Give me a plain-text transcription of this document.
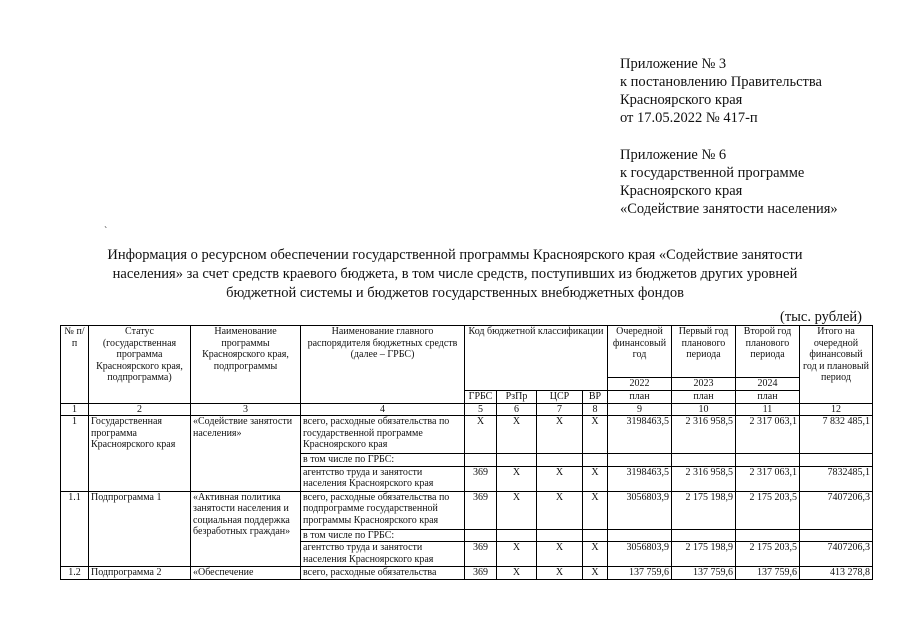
Приложение № 3
к постановлению Правительства
Красноярского края
от 17.05.2022 № 417-п
Приложение № 6
к государственной программе
Красноярского края
«Содействие занятости населения»
`
Информация о ресурсном обеспечении государственной программы Красноярского края «Содействие занятости
населения» за счет средств краевого бюджета, в том числе средств, поступивших из бюджетов других уровней
бюджетной системы и бюджетов государственных внебюджетных фондов
(тыс. рублей)
№ п/п	Статус (государственная программа Красноярского края, подпрограмма)	Наименование программы Красноярского края, подпрограммы	Наименование главного распорядителя бюджетных средств (далее – ГРБС)	Код бюджетной классификации				Очередной финансовый год	Первый год планового периода	Второй год планового периода	Итого на очередной финансовый год и плановый период
								2022	2023	2024	
				ГРБС	РзПр	ЦСР	ВР	план	план	план	
1	2	3	4	5	6	7	8	9	10	11	12
1	Государственная программа Красноярского края	«Содействие занятости населения»	всего, расходные обязательства по государственной программе Красноярского края	Х	Х	Х	Х	3198463,5	2 316 958,5	2 317 063,1	7 832 485,1
			в том числе по ГРБС:								
			агентство труда и занятости населения Красноярского края	369	Х	Х	Х	3198463,5	2 316 958,5	2 317 063,1	7832485,1
1.1	Подпрограмма 1	«Активная политика занятости населения и социальная поддержка безработных граждан»	всего, расходные обязательства по подпрограмме государственной программы Красноярского края	369	Х	Х	Х	3056803,9	2 175 198,9	2 175 203,5	7407206,3
			в том числе по ГРБС:								
			агентство труда и занятости населения Красноярского края	369	Х	Х	Х	3056803,9	2 175 198,9	2 175 203,5	7407206,3
1.2	Подпрограмма 2	«Обеспечение	всего, расходные обязательства	369	Х	Х	Х	137 759,6	137 759,6	137 759,6	413 278,8
